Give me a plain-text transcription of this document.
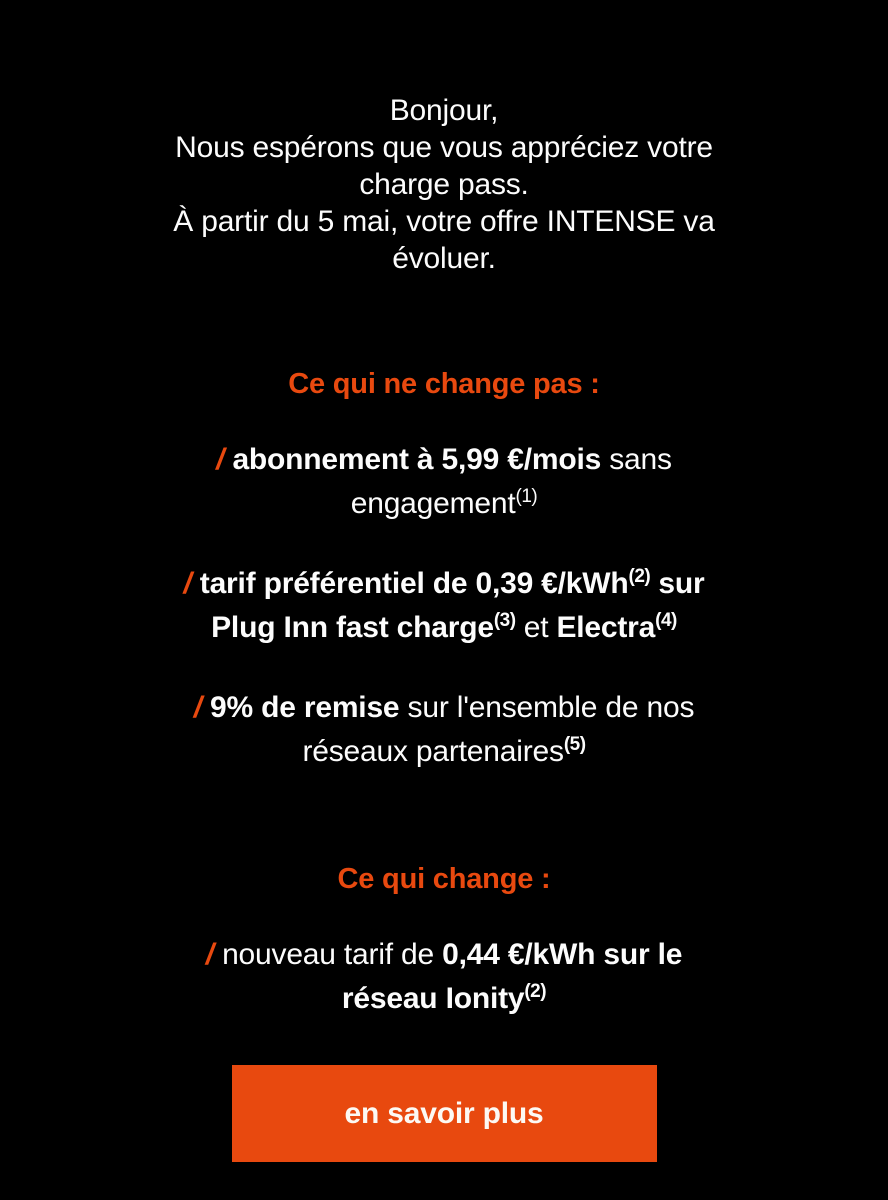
Bonjour,
Nous espérons que vous appréciez votre
charge pass.
À partir du 5 mai, votre offre INTENSE va
évoluer.
Ce qui ne change pas :
/ abonnement à 5,99 €/mois sans
engagement$^{(1)}$
/ tarif préférentiel de 0,39 €/kWh$^{(2)}$ sur
Plug Inn fast charge$^{(3)}$ et Electra$^{(4)}$
/ 9% de remise sur l'ensemble de nos
réseaux partenaires$^{(5)}$
Ce qui change :
/ nouveau tarif de 0,44 €/kWh sur le
réseau Ionity$^{(2)}$
en savoir plus
